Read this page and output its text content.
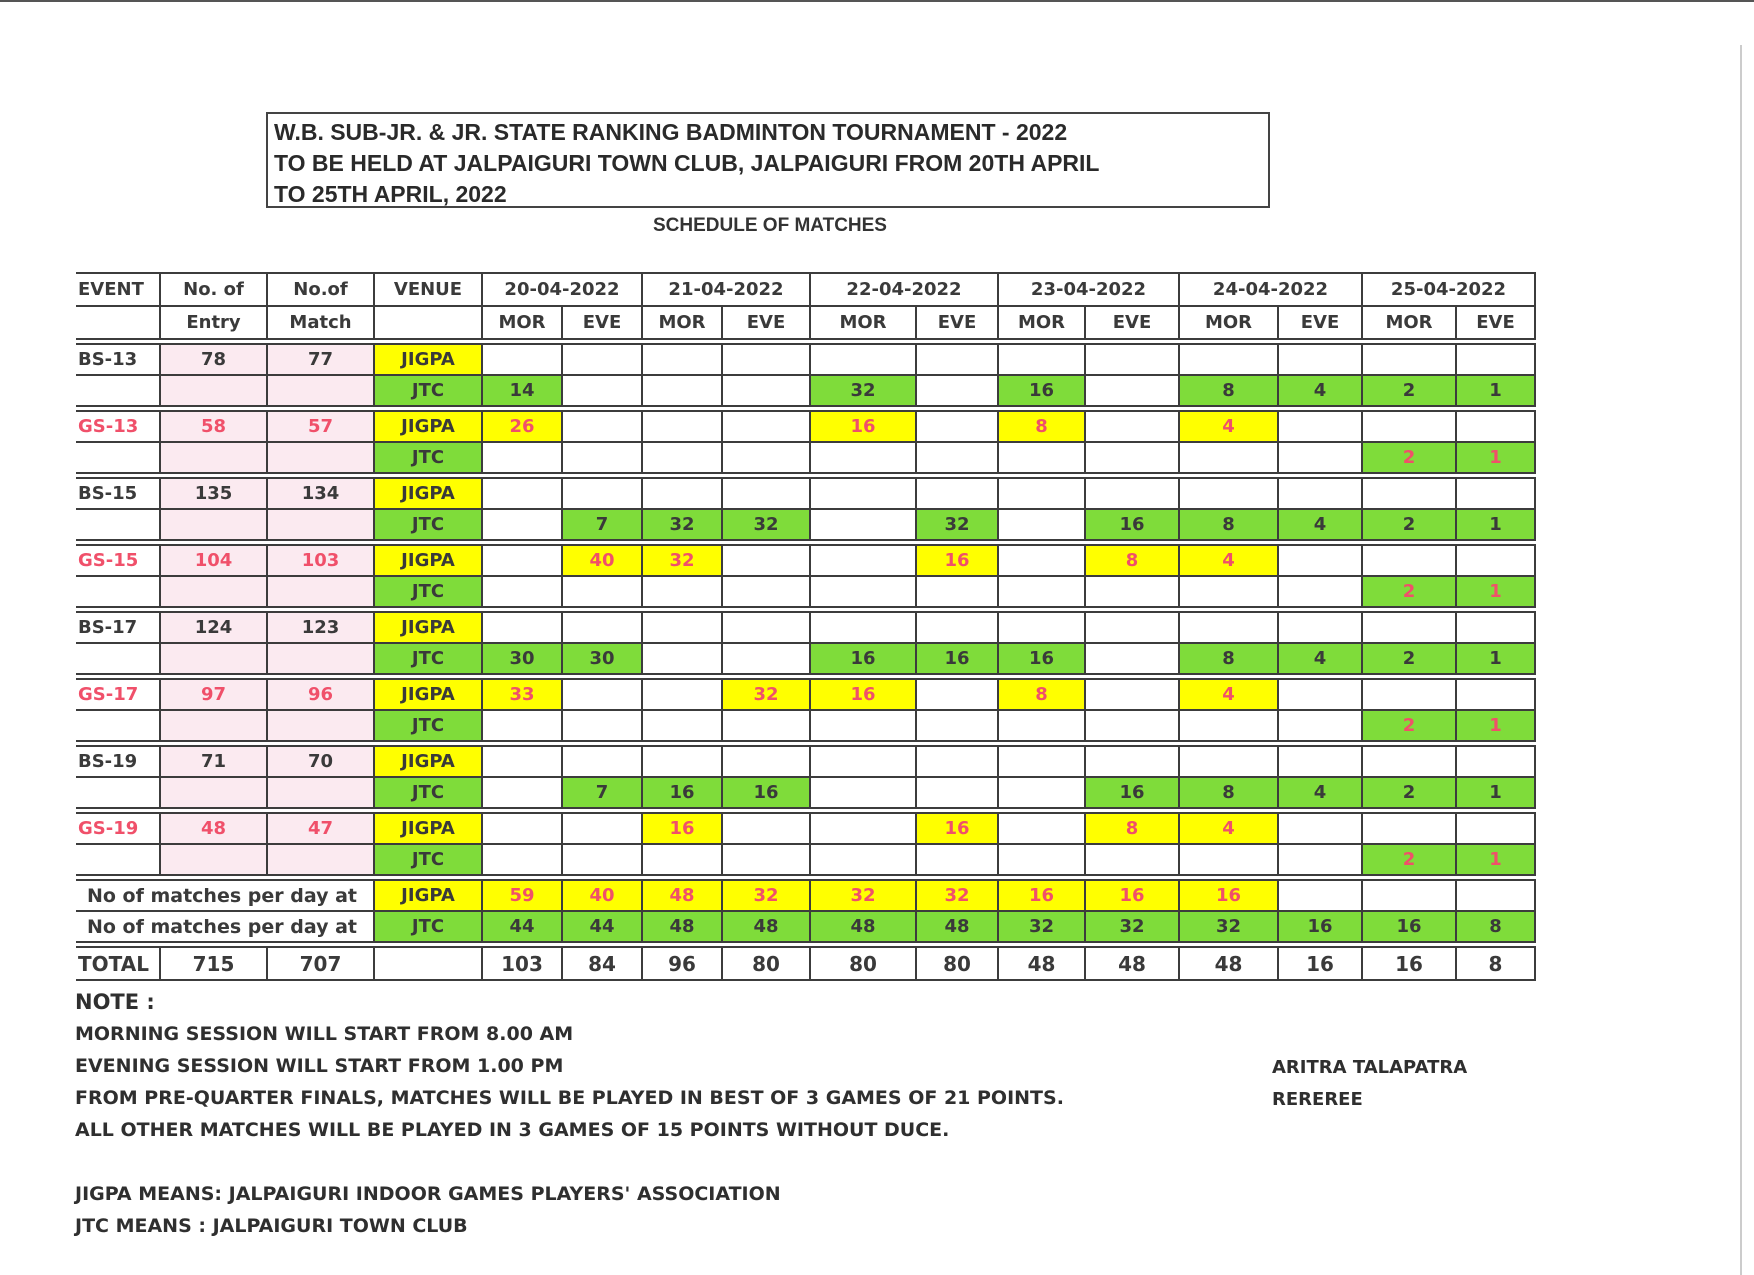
W.B. SUB-JR. & JR. STATE RANKING BADMINTON TOURNAMENT - 2022
TO BE HELD AT JALPAIGURI TOWN CLUB, JALPAIGURI FROM 20TH APRIL
TO 25TH APRIL, 2022
SCHEDULE OF MATCHES
EVENT	No. of	No.of	VENUE	20-04-2022		21-04-2022		22-04-2022		23-04-2022		24-04-2022		25-04-2022	
	Entry	Match		MOR	EVE	MOR	EVE	MOR	EVE	MOR	EVE	MOR	EVE	MOR	EVE

BS-13	78	77	JIGPA												
			JTC	14				32		16		8	4	2	1

GS-13	58	57	JIGPA	26				16		8		4			
			JTC											2	1

BS-15	135	134	JIGPA												
			JTC		7	32	32		32		16	8	4	2	1

GS-15	104	103	JIGPA		40	32			16		8	4			
			JTC											2	1

BS-17	124	123	JIGPA												
			JTC	30	30			16	16	16		8	4	2	1

GS-17	97	96	JIGPA	33			32	16		8		4			
			JTC											2	1

BS-19	71	70	JIGPA												
			JTC		7	16	16				16	8	4	2	1

GS-19	48	47	JIGPA			16			16		8	4			
			JTC											2	1

No of matches per day at			JIGPA	59	40	48	32	32	32	16	16	16			
No of matches per day at			JTC	44	44	48	48	48	48	32	32	32	16	16	8

TOTAL	715	707		103	84	96	80	80	80	48	48	48	16	16	8
NOTE :
MORNING SESSION WILL START FROM 8.00 AM
EVENING SESSION WILL START FROM 1.00 PM
FROM PRE-QUARTER FINALS, MATCHES WILL BE PLAYED IN BEST OF 3 GAMES OF 21 POINTS.
ALL OTHER MATCHES WILL BE PLAYED IN 3 GAMES OF 15 POINTS WITHOUT DUCE.
JIGPA MEANS: JALPAIGURI INDOOR GAMES PLAYERS' ASSOCIATION
JTC MEANS : JALPAIGURI TOWN CLUB
ARITRA TALAPATRA
REREREE
